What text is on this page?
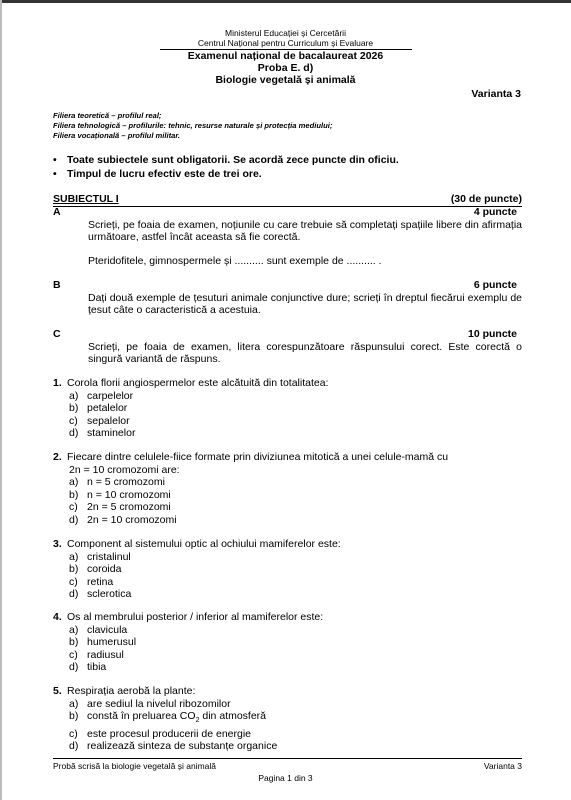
Ministerul Educației și Cercetării
Centrul Național pentru Curriculum și Evaluare
Examenul național de bacalaureat 2026
Proba E. d)
Biologie vegetală și animală
Varianta 3
Filiera teoretică – profilul real;
Filiera tehnologică – profilurile: tehnic, resurse naturale și protecția mediului;
Filiera vocațională – profilul militar.
• Toate subiectele sunt obligatorii. Se acordă zece puncte din oficiu.
• Timpul de lucru efectiv este de trei ore.
SUBIECTUL I	(30 de puncte)
A	4 puncte
Scrieți, pe foaia de examen, noțiunile cu care trebuie să completați spațiile libere din afirmația următoare, astfel încât aceasta să fie corectă.
Pteridofitele, gimnospermele și .......... sunt exemple de .......... .
B	6 puncte
Dați două exemple de țesuturi animale conjunctive dure; scrieți în dreptul fiecărui exemplu de țesut câte o caracteristică a acestuia.
C	10 puncte
Scrieți, pe foaia de examen, litera corespunzătoare răspunsului corect. Este corectă o singură variantă de răspuns.
1. Corola florii angiospermelor este alcătuită din totalitatea:
a) carpelelor
b) petalelor
c) sepalelor
d) staminelor
2. Fiecare dintre celulele-fiice formate prin diviziunea mitotică a unei celule-mamă cu
2n = 10 cromozomi are:
a) n = 5 cromozomi
b) n = 10 cromozomi
c) 2n = 5 cromozomi
d) 2n = 10 cromozomi
3. Component al sistemului optic al ochiului mamiferelor este:
a) cristalinul
b) coroida
c) retina
d) sclerotica
4. Os al membrului posterior / inferior al mamiferelor este:
a) clavicula
b) humerusul
c) radiusul
d) tibia
5. Respirația aerobă la plante:
a) are sediul la nivelul ribozomilor
b) constă în preluarea $CO_2$ din atmosferă
c) este procesul producerii de energie
d) realizează sinteza de substanțe organice
Probă scrisă la biologie vegetală și animală	Varianta 3
Pagina 1 din 3
